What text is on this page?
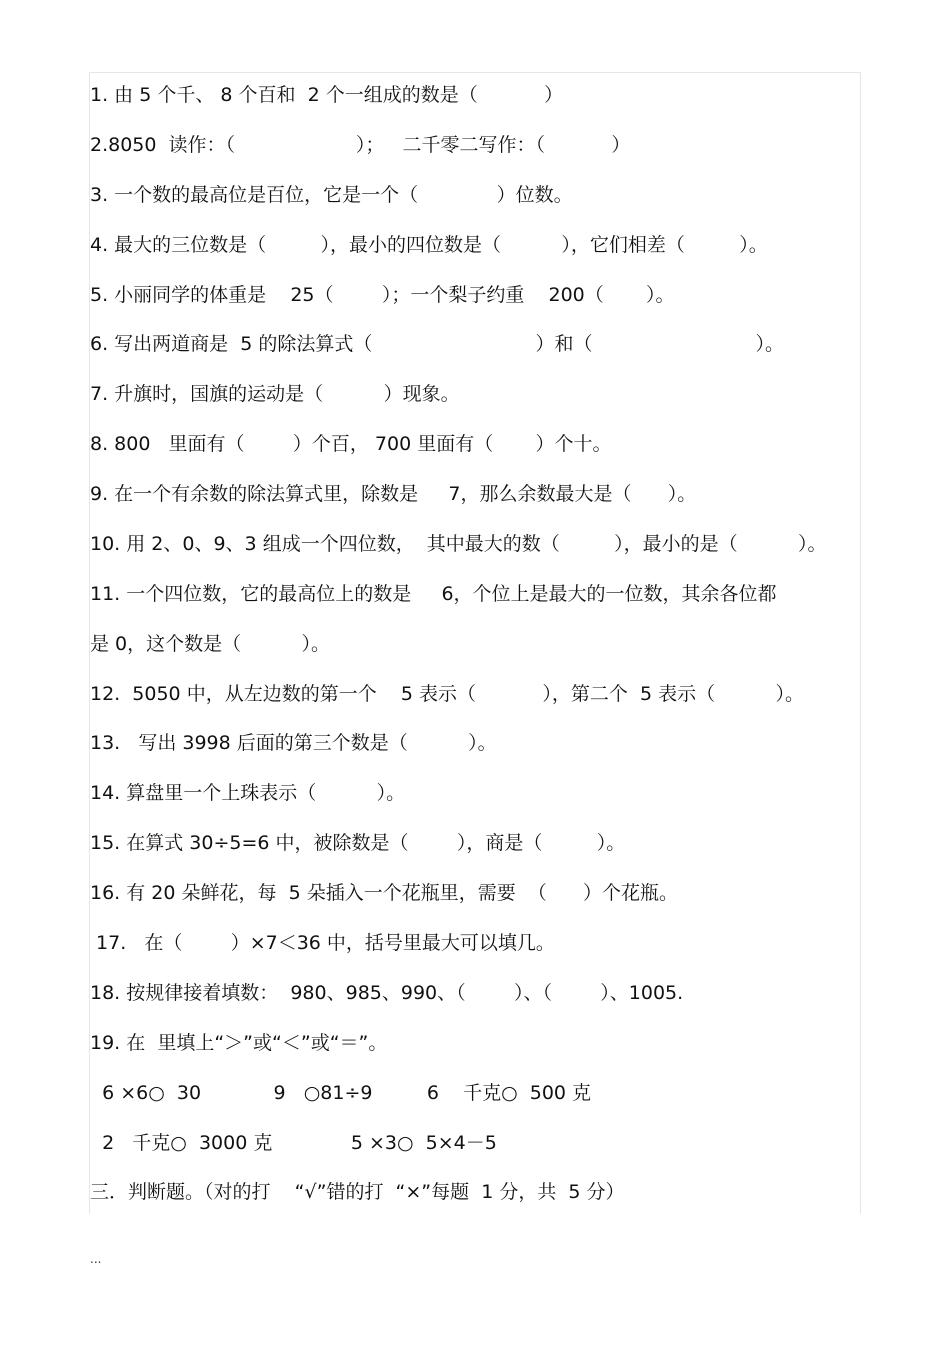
1. 由 5 个千、 8 个百和  2 个一组成的数是（           ）
2.8050  读作：（                    ）；   二千零二写作：（           ）
3. 一个数的最高位是百位，它是一个（             ）位数。
4. 最大的三位数是（         ），最小的四位数是（          ），它们相差（         ）。
5. 小丽同学的体重是    25（        ）；一个梨子约重    200（       ）。
6. 写出两道商是  5 的除法算式（                           ）和（                           ）。
7. 升旗时，国旗的运动是（          ）现象。
8. 800   里面有（        ）个百， 700 里面有（       ）个十。
9. 在一个有余数的除法算式里，除数是     7，那么余数最大是（      ）。
10. 用 2、0、9、3 组成一个四位数，  其中最大的数（         ），最小的是（          ）。
11. 一个四位数，它的最高位上的数是     6，个位上是最大的一位数，其余各位都
是 0，这个数是（          ）。
12.  5050 中，从左边数的第一个    5 表示（           ），第二个  5 表示（          ）。
13.   写出 3998 后面的第三个数是（          ）。
14. 算盘里一个上珠表示（          ）。
15. 在算式 30÷5=6 中，被除数是（        ），商是（         ）。
16. 有 20 朵鲜花，每  5 朵插入一个花瓶里，需要  （      ）个花瓶。
17.   在（        ）×7＜36 中，括号里最大可以填几。
18. 按规律接着填数：  980、985、990、（        ）、（        ）、1005.
19. 在  里填上“＞”或“＜”或“＝”。
6 ×6○  30            9   ○81÷9         6    千克○  500 克
2   千克○  3000 克             5 ×3○  5×4－5
三．判断题。（对的打    “√”错的打  “×”每题  1 分，共  5 分）
...
